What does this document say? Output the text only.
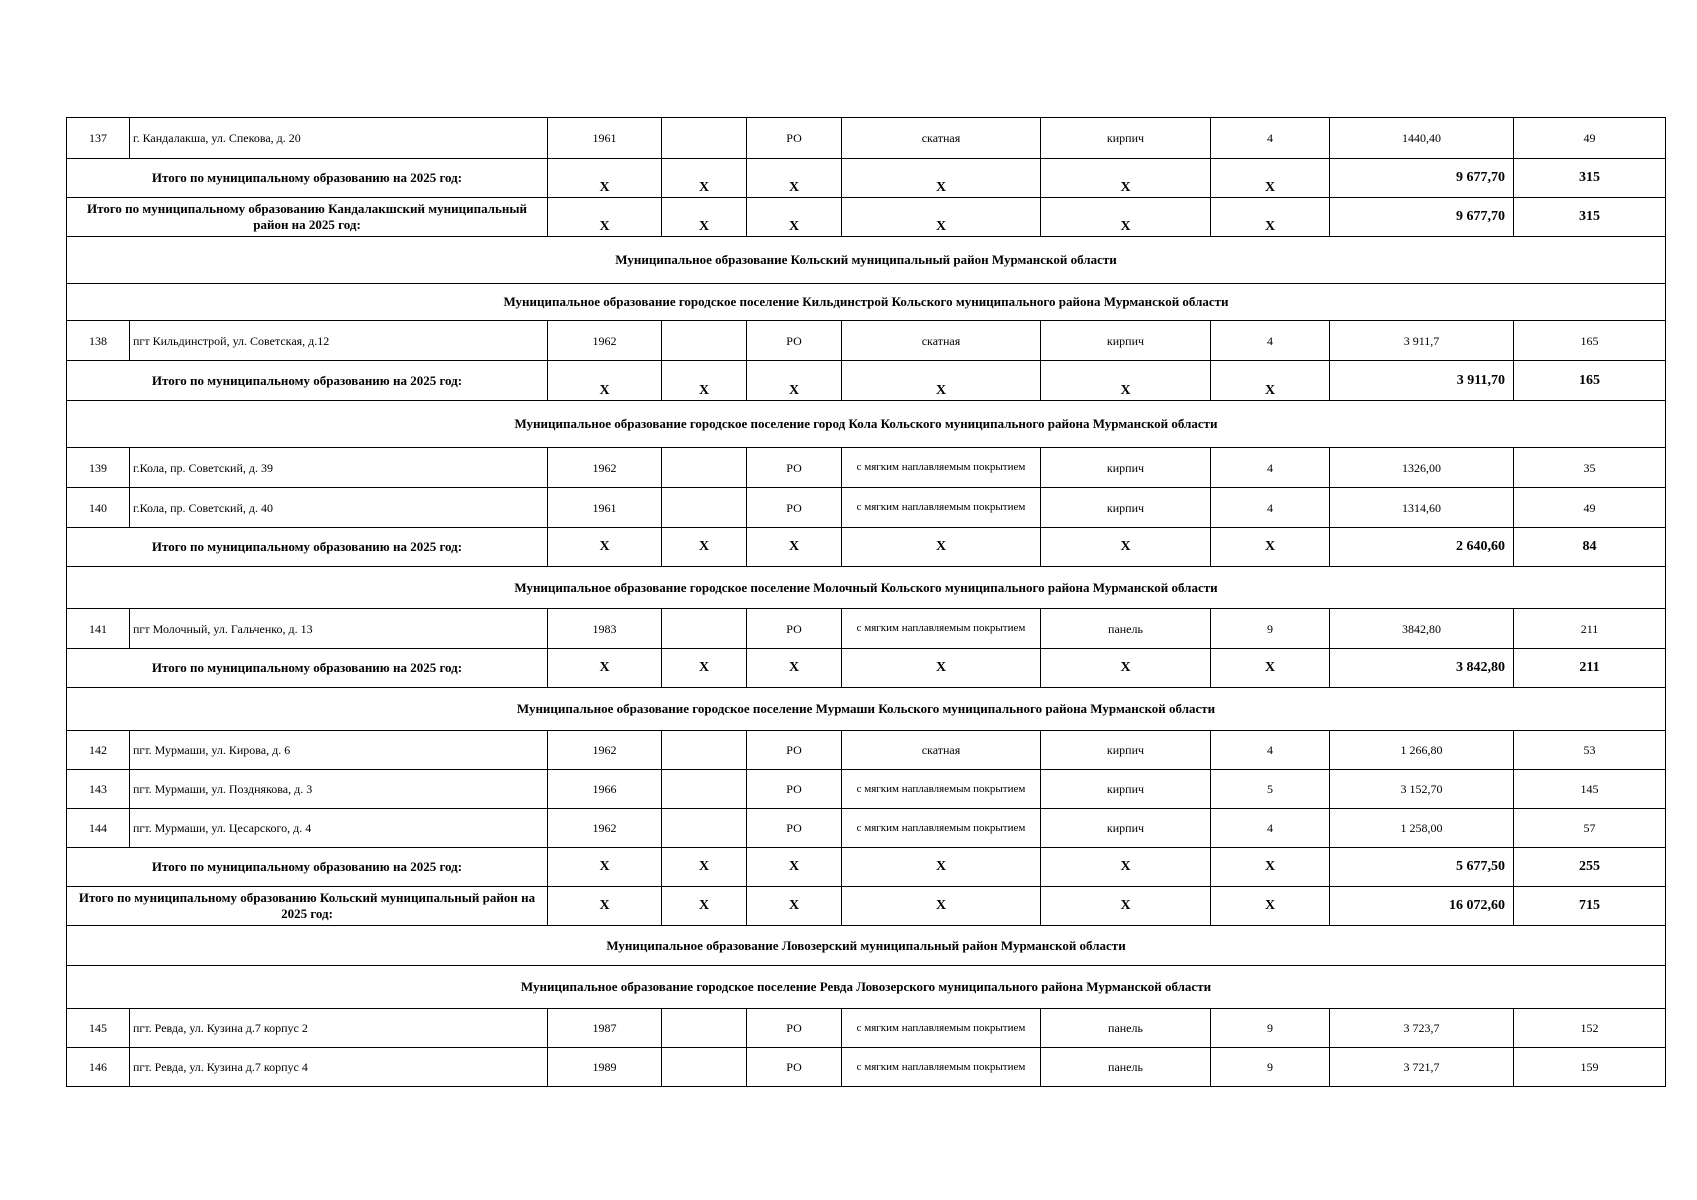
137	г. Кандалакша, ул. Спекова, д. 20	1961		РО	скатная	кирпич	4	1440,40	49
Итого по муниципальному образованию на 2025 год:		X	X	X	X	X	X	9 677,70	315
Итого по муниципальному образованию Кандалакшский муниципальный район на 2025 год:		X	X	X	X	X	X	9 677,70	315
Муниципальное образование Кольский муниципальный район Мурманской области									
Муниципальное образование городское поселение Кильдинстрой Кольского муниципального района Мурманской области									
138	пгт Кильдинстрой, ул. Советская, д.12	1962		РО	скатная	кирпич	4	3 911,7	165
Итого по муниципальному образованию на 2025 год:		X	X	X	X	X	X	3 911,70	165
Муниципальное образование городское поселение город Кола Кольского муниципального района Мурманской области									
139	г.Кола, пр. Советский, д. 39	1962		РО	с мягким наплавляемым покрытием	кирпич	4	1326,00	35
140	г.Кола, пр. Советский, д. 40	1961		РО	с мягким наплавляемым покрытием	кирпич	4	1314,60	49
Итого по муниципальному образованию на 2025 год:		X	X	X	X	X	X	2 640,60	84
Муниципальное образование городское поселение Молочный Кольского муниципального района Мурманской области									
141	пгт Молочный, ул. Гальченко, д. 13	1983		РО	с мягким наплавляемым покрытием	панель	9	3842,80	211
Итого по муниципальному образованию на 2025 год:		X	X	X	X	X	X	3 842,80	211
Муниципальное образование городское поселение Мурмаши Кольского муниципального района Мурманской области									
142	пгт. Мурмаши, ул. Кирова, д. 6	1962		РО	скатная	кирпич	4	1 266,80	53
143	пгт. Мурмаши, ул. Позднякова, д. 3	1966		РО	с мягким наплавляемым покрытием	кирпич	5	3 152,70	145
144	пгт. Мурмаши, ул. Цесарского, д. 4	1962		РО	с мягким наплавляемым покрытием	кирпич	4	1 258,00	57
Итого по муниципальному образованию на 2025 год:		X	X	X	X	X	X	5 677,50	255
Итого по муниципальному образованию Кольский муниципальный район на 2025 год:		X	X	X	X	X	X	16 072,60	715
Муниципальное образование Ловозерский муниципальный район Мурманской области									
Муниципальное образование городское поселение Ревда Ловозерского муниципального района Мурманской области									
145	пгт. Ревда, ул. Кузина д.7 корпус 2	1987		РО	с мягким наплавляемым покрытием	панель	9	3 723,7	152
146	пгт. Ревда, ул. Кузина д.7 корпус 4	1989		РО	с мягким наплавляемым покрытием	панель	9	3 721,7	159
